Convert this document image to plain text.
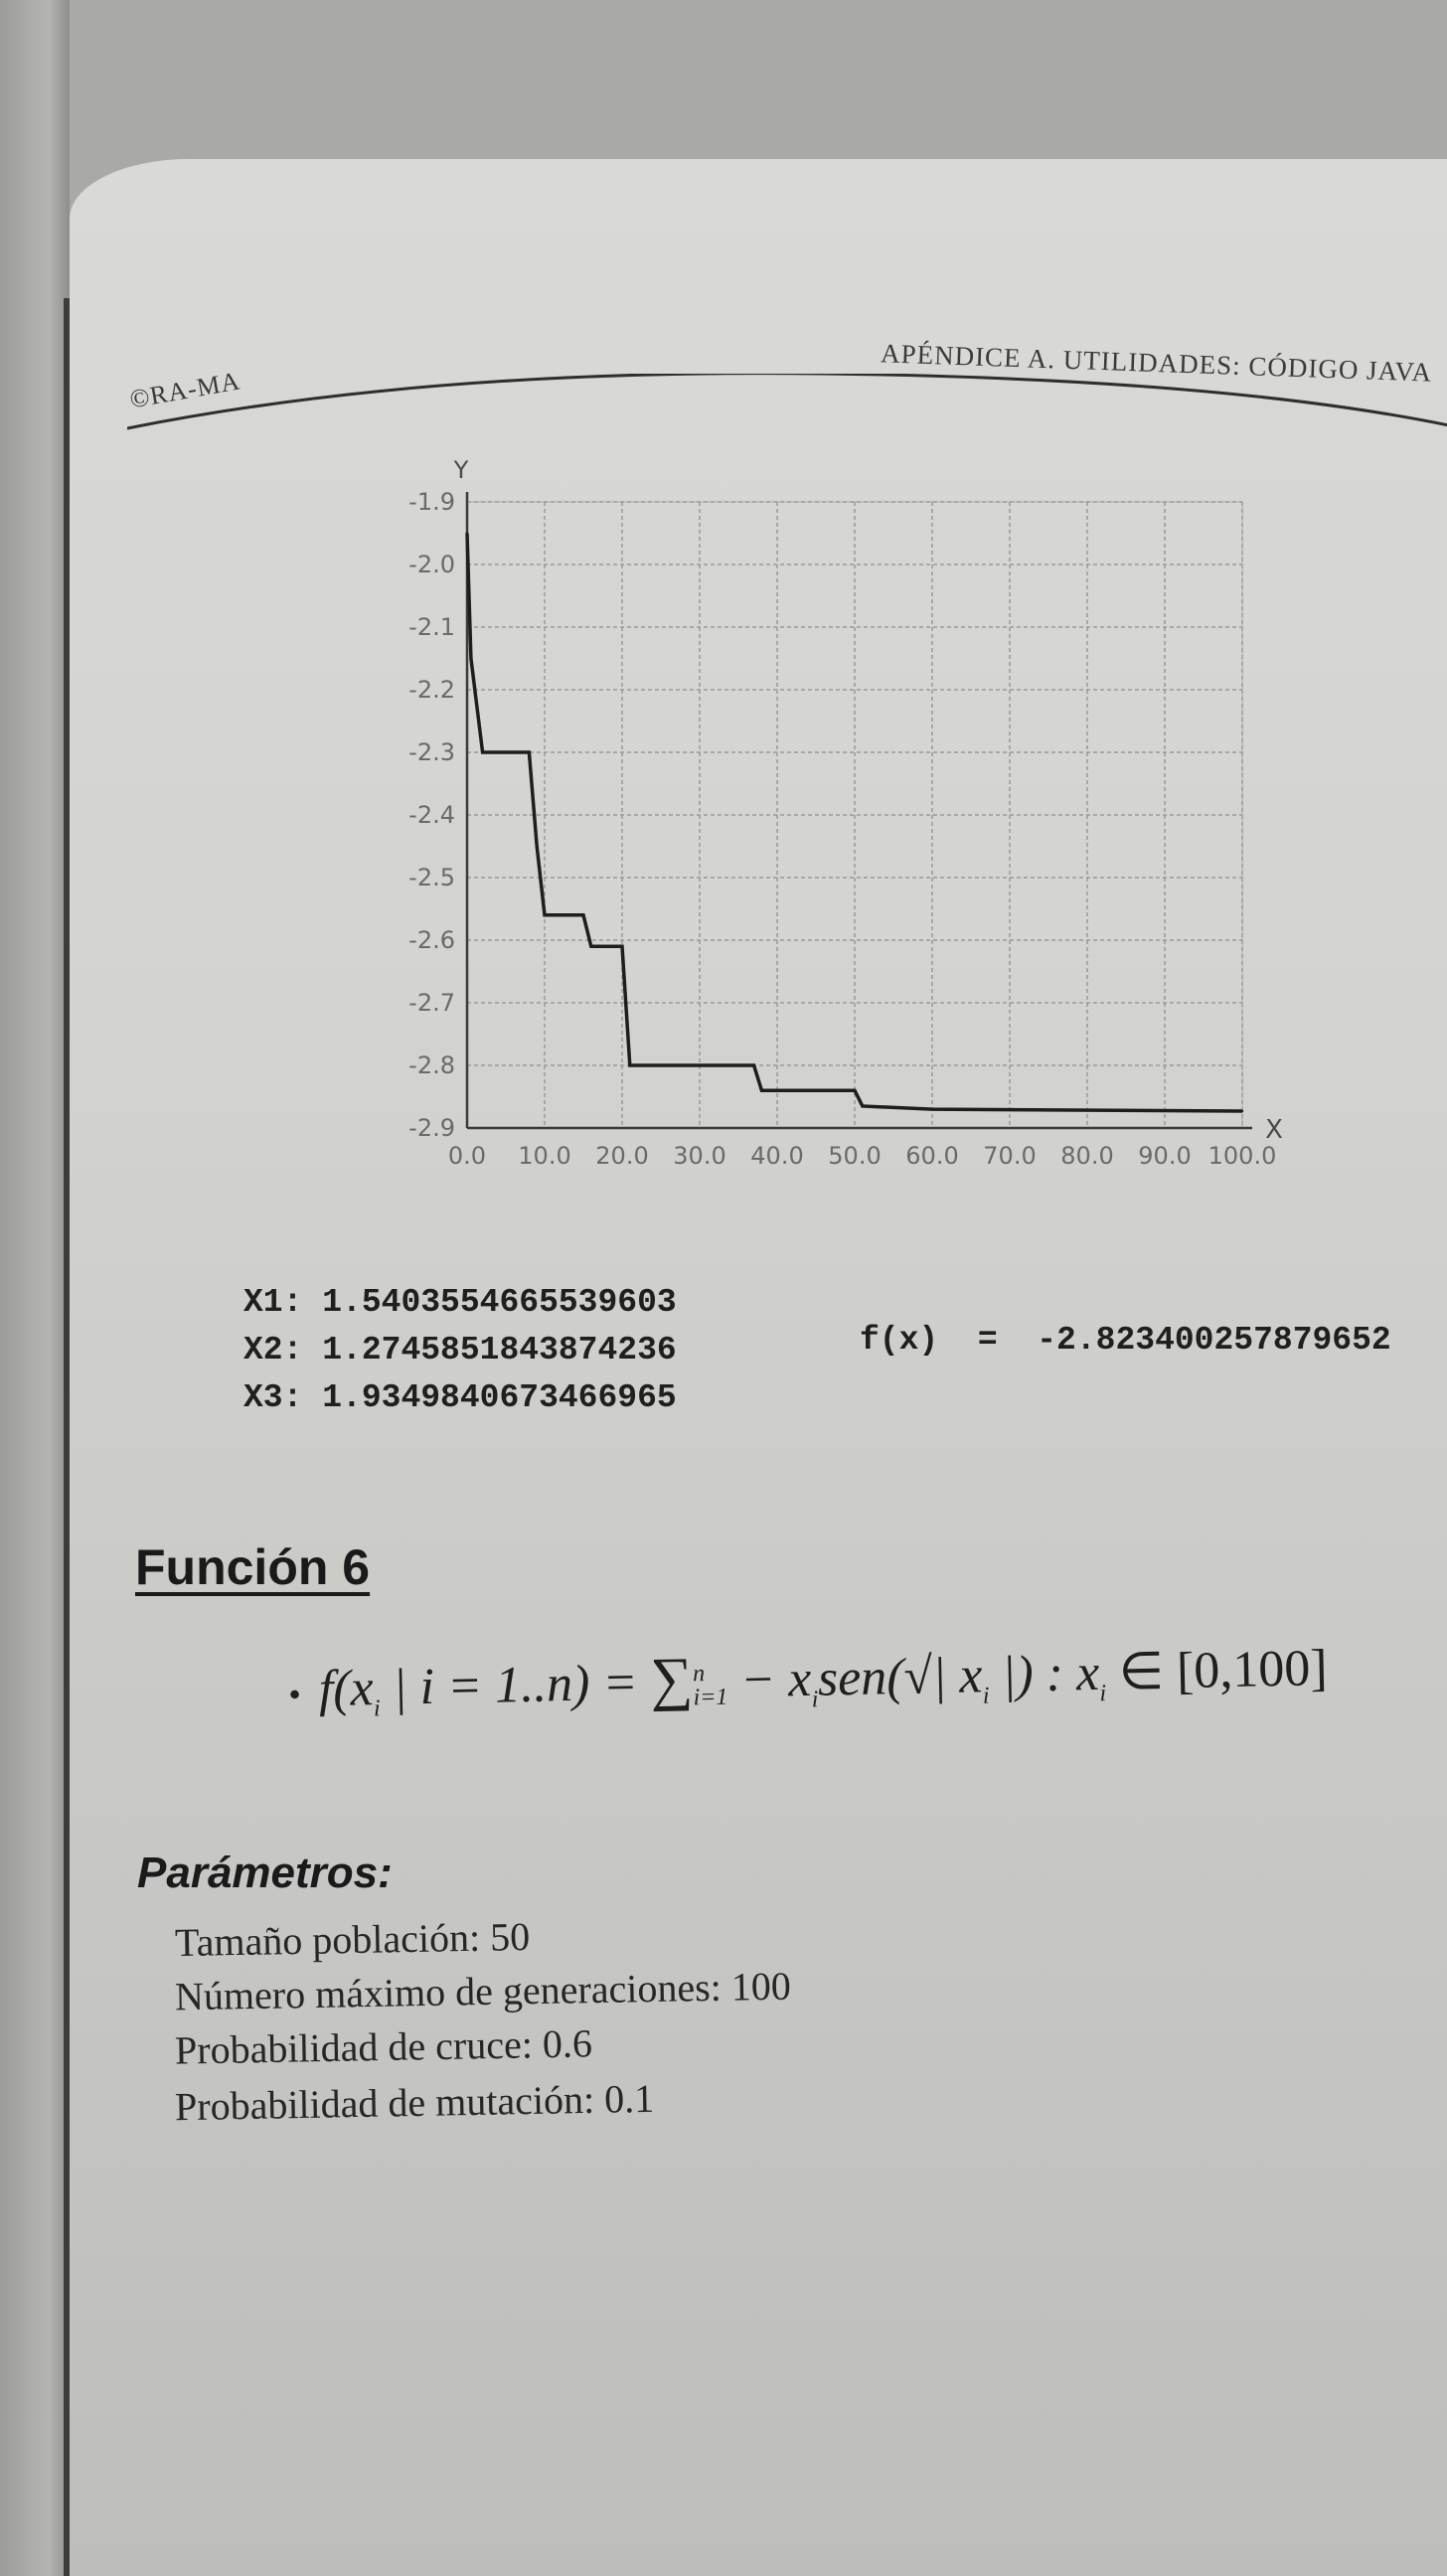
©RA-MA
APÉNDICE A. UTILIDADES: CÓDIGO JAVA
0.0 10.0 20.0 30.0 40.0 50.0 60.0 70.0 80.0 90.0 100.0
-1.9
-2.0
-2.1
-2.2
-2.3
-2.4
-2.5
-2.6
-2.7
-2.8
-2.9
Y
X
X1: 1.5403554665539603
X2: 1.2745851843874236
X3: 1.9349840673466965
f(x) = -2.823400257879652
Función 6
• $f(x_i$ | i = 1..n) = ∑
n
i=1
− $x_isen(√|$ $x_i$ |) : $x_i$ ∈ [0,100]
Parámetros:
Tamaño población: 50
Número máximo de generaciones: 100
Probabilidad de cruce: 0.6
Probabilidad de mutación: 0.1
